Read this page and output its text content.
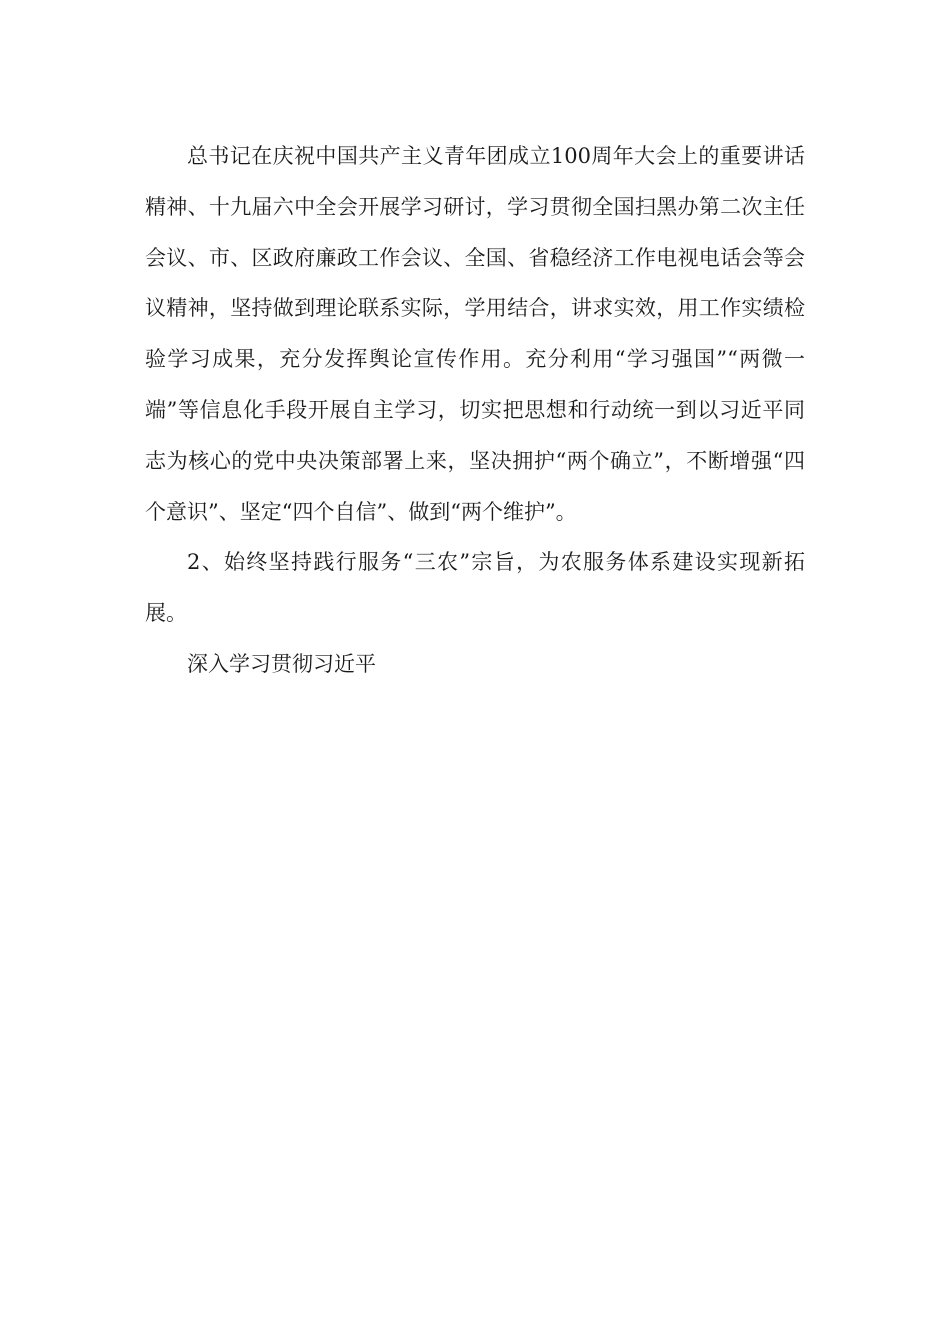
总书记在庆祝中国共产主义青年团成立100周年大会上的重要讲话精神、十九届六中全会开展学习研讨，学习贯彻全国扫黑办第二次主任会议、市、区政府廉政工作会议、全国、省稳经济工作电视电话会等会议精神，坚持做到理论联系实际，学用结合，讲求实效，用工作实绩检验学习成果，充分发挥舆论宣传作用。充分利用“学习强国”“两微一端”等信息化手段开展自主学习，切实把思想和行动统一到以习近平同志为核心的党中央决策部署上来，坚决拥护“两个确立”，不断增强“四个意识”、坚定“四个自信”、做到“两个维护”。

2、始终坚持践行服务“三农”宗旨，为农服务体系建设实现新拓展。

深入学习贯彻习近平
